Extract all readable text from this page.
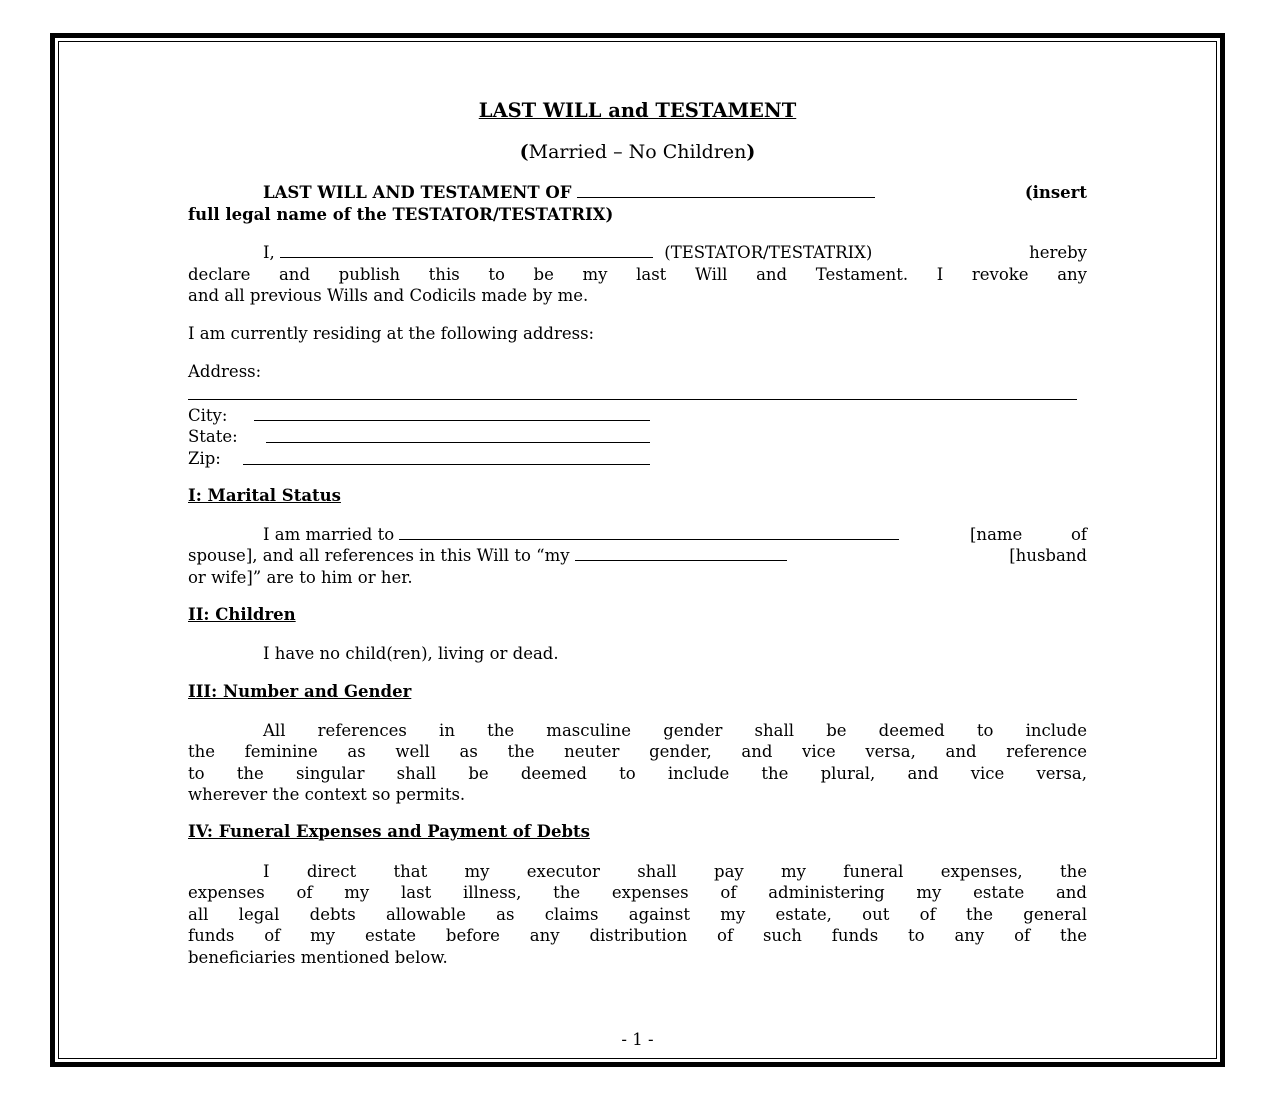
LAST WILL and TESTAMENT
(Married – No Children)
LAST WILL AND TESTAMENT OF	(insert
full legal name of the TESTATOR/TESTATRIX)
I,	(TESTATOR/TESTATRIX)	hereby
declare and publish this to be my last Will and Testament. I revoke any
and all previous Wills and Codicils made by me.
I am currently residing at the following address:
Address:
City:
State:
Zip:
I: Marital Status
I am married to	[name	of
spouse], and all references in this Will to “my	[husband
or wife]” are to him or her.
II: Children
I have no child(ren), living or dead.
III: Number and Gender
All references in the masculine gender shall be deemed to include
the feminine as well as the neuter gender, and vice versa, and reference
to the singular shall be deemed to include the plural, and vice versa,
wherever the context so permits.
IV: Funeral Expenses and Payment of Debts
I direct that my executor shall pay my funeral expenses, the
expenses of my last illness, the expenses of administering my estate and
all legal debts allowable as claims against my estate, out of the general
funds of my estate before any distribution of such funds to any of the
beneficiaries mentioned below.
- 1 -
